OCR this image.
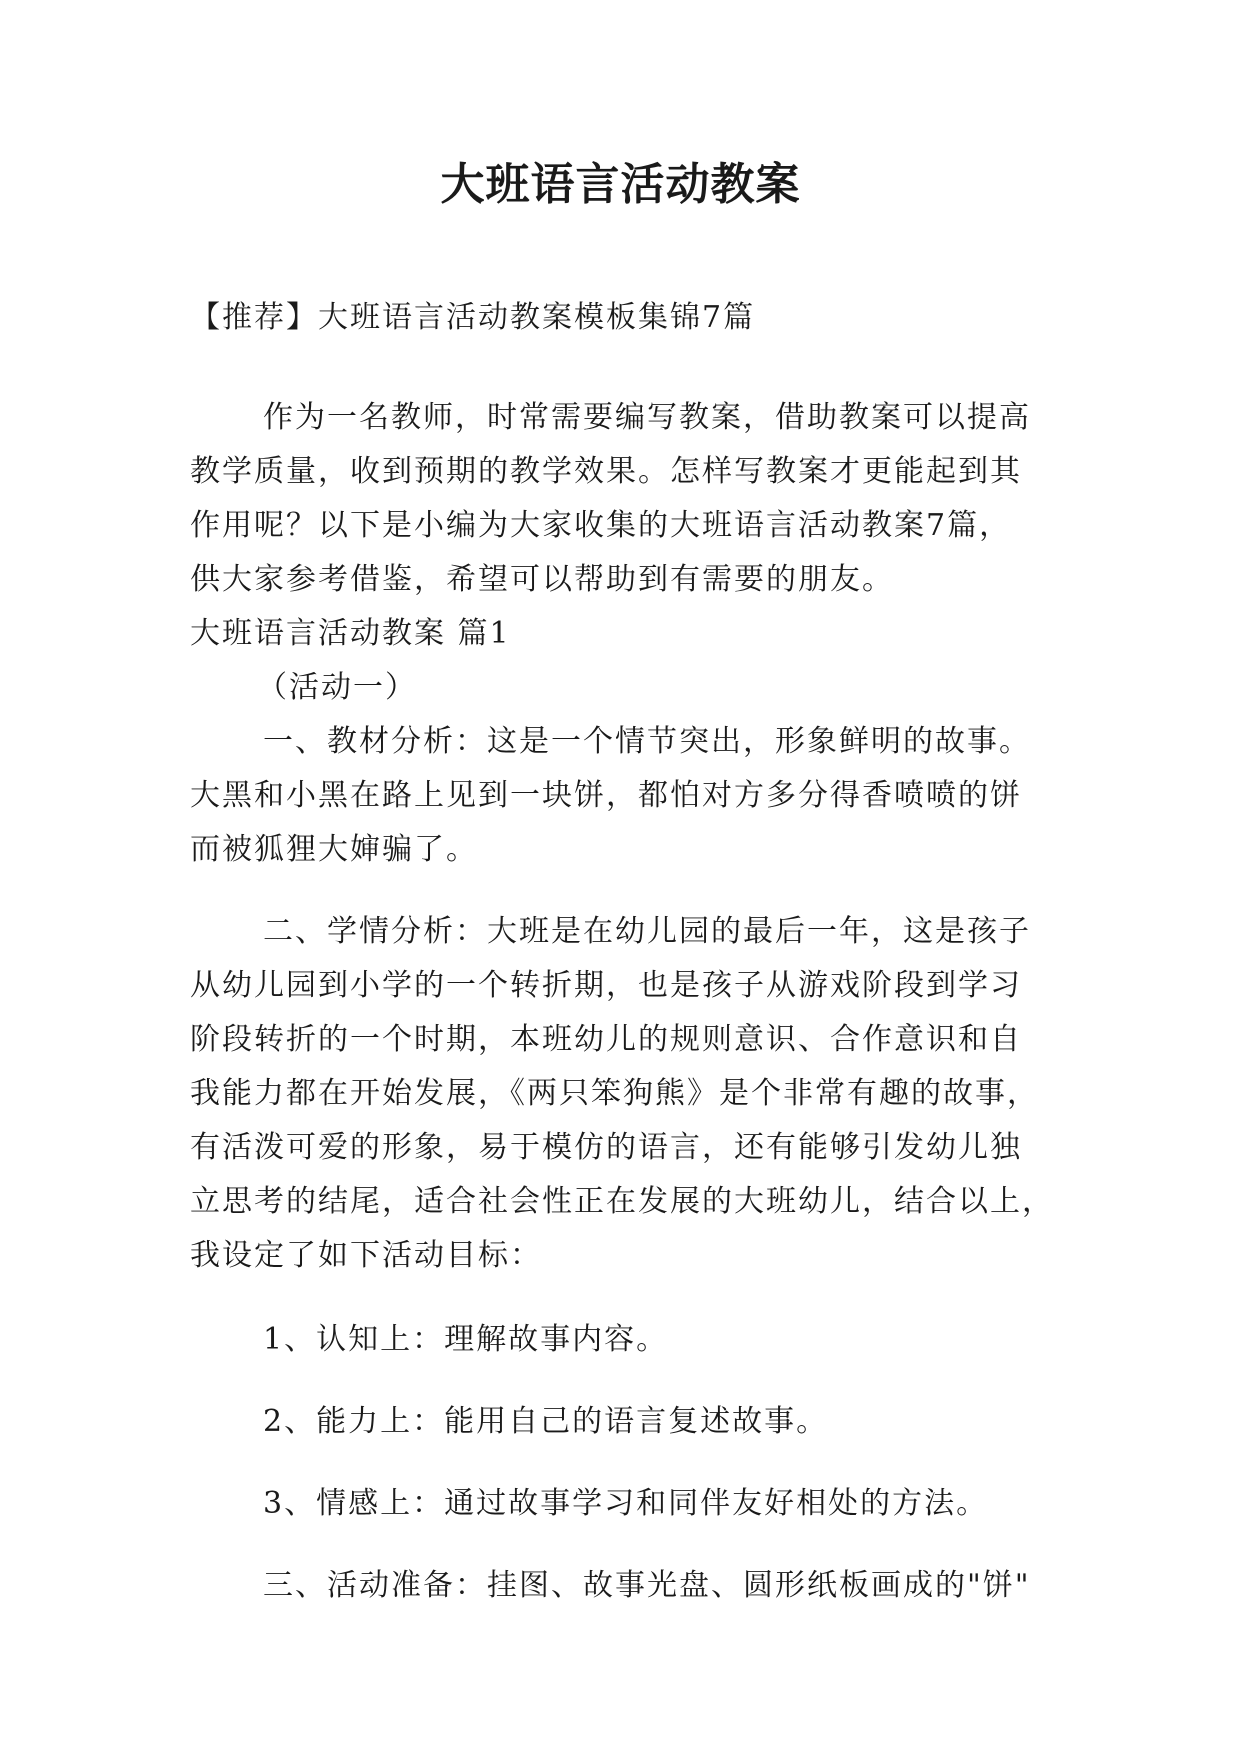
大班语言活动教案
【推荐】大班语言活动教案模板集锦7篇
作为一名教师，时常需要编写教案，借助教案可以提高
教学质量，收到预期的教学效果。怎样写教案才更能起到其
作用呢？以下是小编为大家收集的大班语言活动教案7篇，
供大家参考借鉴，希望可以帮助到有需要的朋友。
大班语言活动教案 篇1
（活动一）
一、教材分析：这是一个情节突出，形象鲜明的故事。
大黑和小黑在路上见到一块饼，都怕对方多分得香喷喷的饼
而被狐狸大婶骗了。
二、学情分析：大班是在幼儿园的最后一年，这是孩子
从幼儿园到小学的一个转折期，也是孩子从游戏阶段到学习
阶段转折的一个时期，本班幼儿的规则意识、合作意识和自
我能力都在开始发展，《两只笨狗熊》是个非常有趣的故事，
有活泼可爱的形象，易于模仿的语言，还有能够引发幼儿独
立思考的结尾，适合社会性正在发展的大班幼儿，结合以上，
我设定了如下活动目标：
1、认知上：理解故事内容。
2、能力上：能用自己的语言复述故事。
3、情感上：通过故事学习和同伴友好相处的方法。
三、活动准备：挂图、故事光盘、圆形纸板画成的"饼"
